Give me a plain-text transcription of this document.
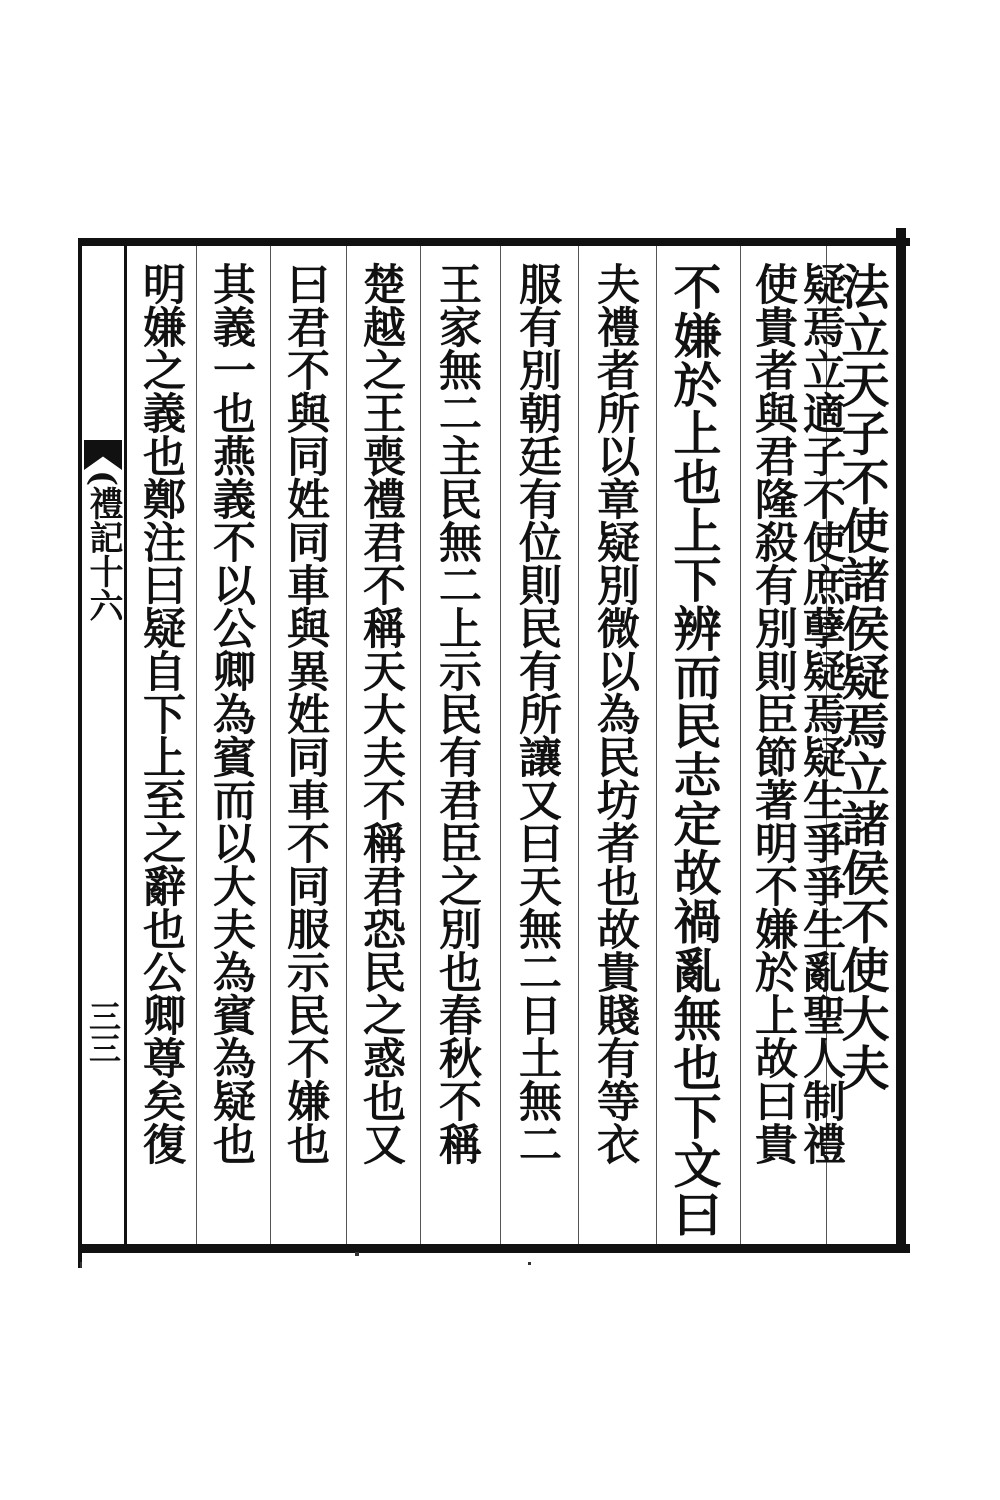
(禮記十六
三三	法立天子不使諸侯疑焉立諸侯不使大夫
疑焉立適子不使庶孽疑焉疑生爭爭生亂聖人制禮
使貴者與君隆殺有別則臣節著明不嫌於上故曰貴
不嫌於上也上下辨而民志定故禍亂無也下文曰
夫禮者所以章疑別微以為民坊者也故貴賤有等衣
服有別朝廷有位則民有所讓又曰天無二日土無二
王家無二主民無二上示民有君臣之別也春秋不稱
楚越之王喪禮君不稱天大夫不稱君恐民之惑也又
曰君不與同姓同車與異姓同車不同服示民不嫌也
其義一也燕義不以公卿為賓而以大夫為賓為疑也
明嫌之義也鄭注曰疑自下上至之辭也公卿尊矣復
